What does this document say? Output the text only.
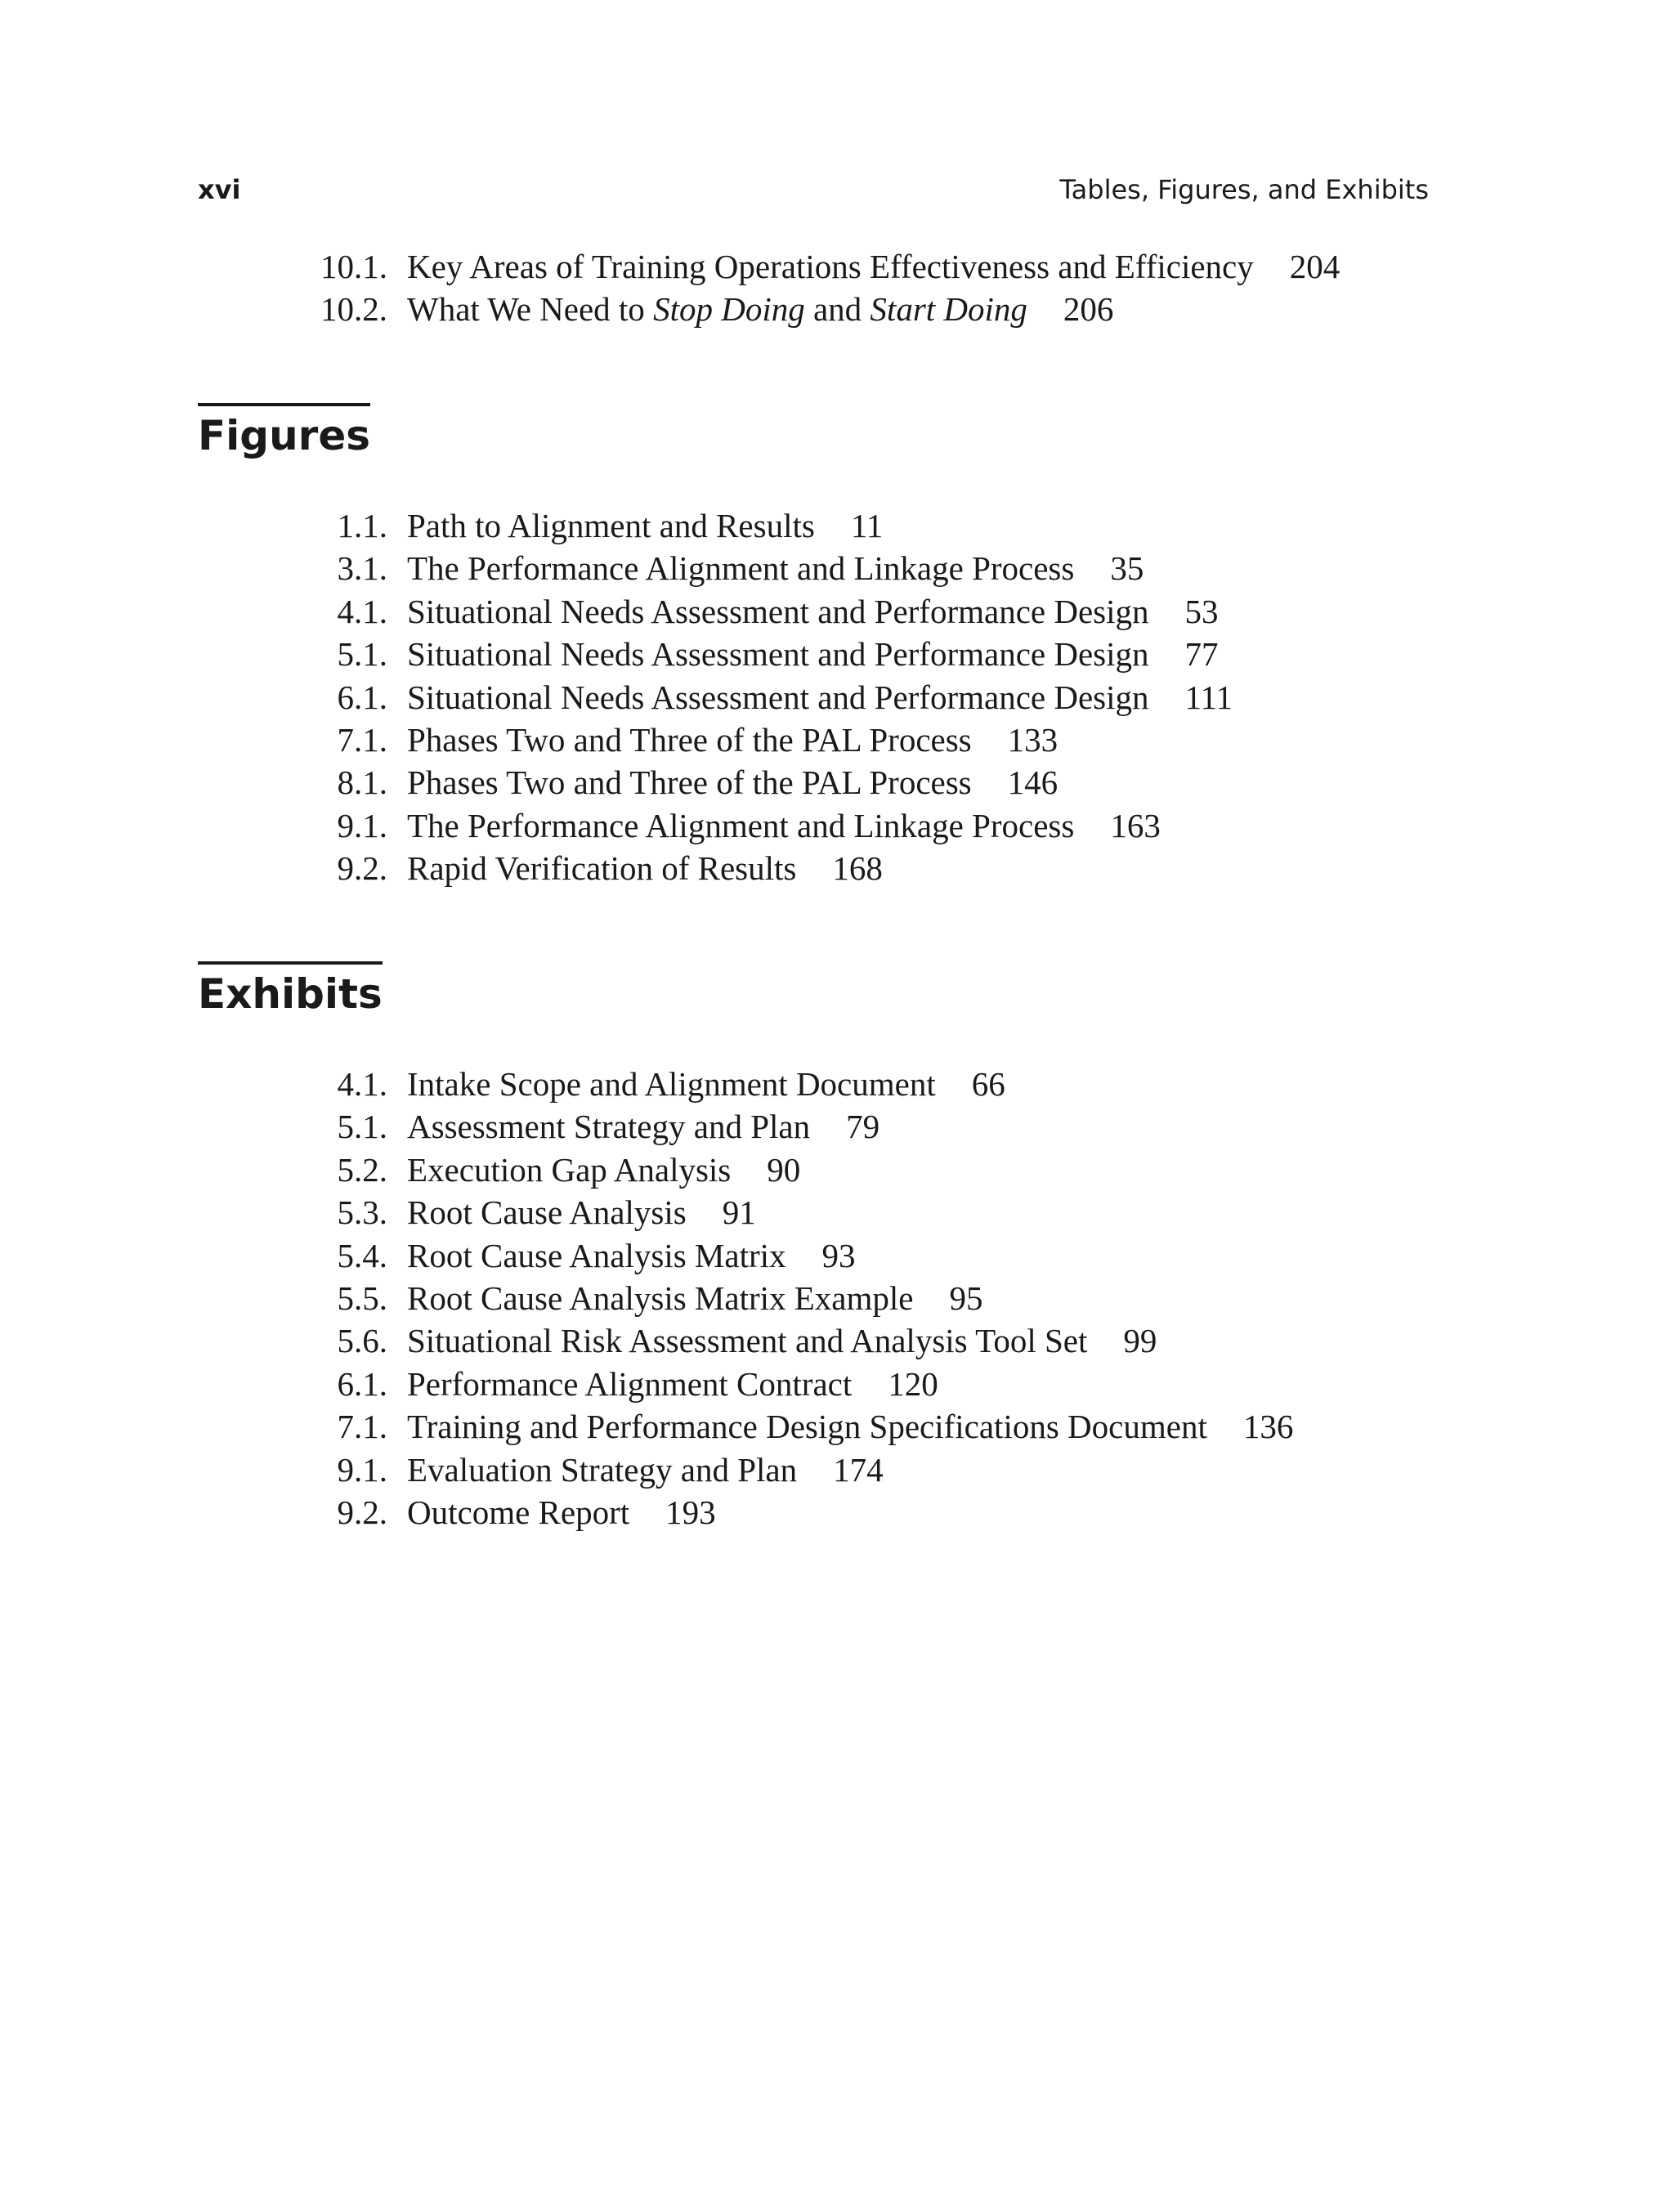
xvi	Tables, Figures, and Exhibits
10.1. Key Areas of Training Operations Effectiveness and Efficiency 204
10.2. What We Need to Stop Doing and Start Doing 206
Figures
1.1. Path to Alignment and Results 11
3.1. The Performance Alignment and Linkage Process 35
4.1. Situational Needs Assessment and Performance Design 53
5.1. Situational Needs Assessment and Performance Design 77
6.1. Situational Needs Assessment and Performance Design 111
7.1. Phases Two and Three of the PAL Process 133
8.1. Phases Two and Three of the PAL Process 146
9.1. The Performance Alignment and Linkage Process 163
9.2. Rapid Verification of Results 168
Exhibits
4.1. Intake Scope and Alignment Document 66
5.1. Assessment Strategy and Plan 79
5.2. Execution Gap Analysis 90
5.3. Root Cause Analysis 91
5.4. Root Cause Analysis Matrix 93
5.5. Root Cause Analysis Matrix Example 95
5.6. Situational Risk Assessment and Analysis Tool Set 99
6.1. Performance Alignment Contract 120
7.1. Training and Performance Design Specifications Document 136
9.1. Evaluation Strategy and Plan 174
9.2. Outcome Report 193
